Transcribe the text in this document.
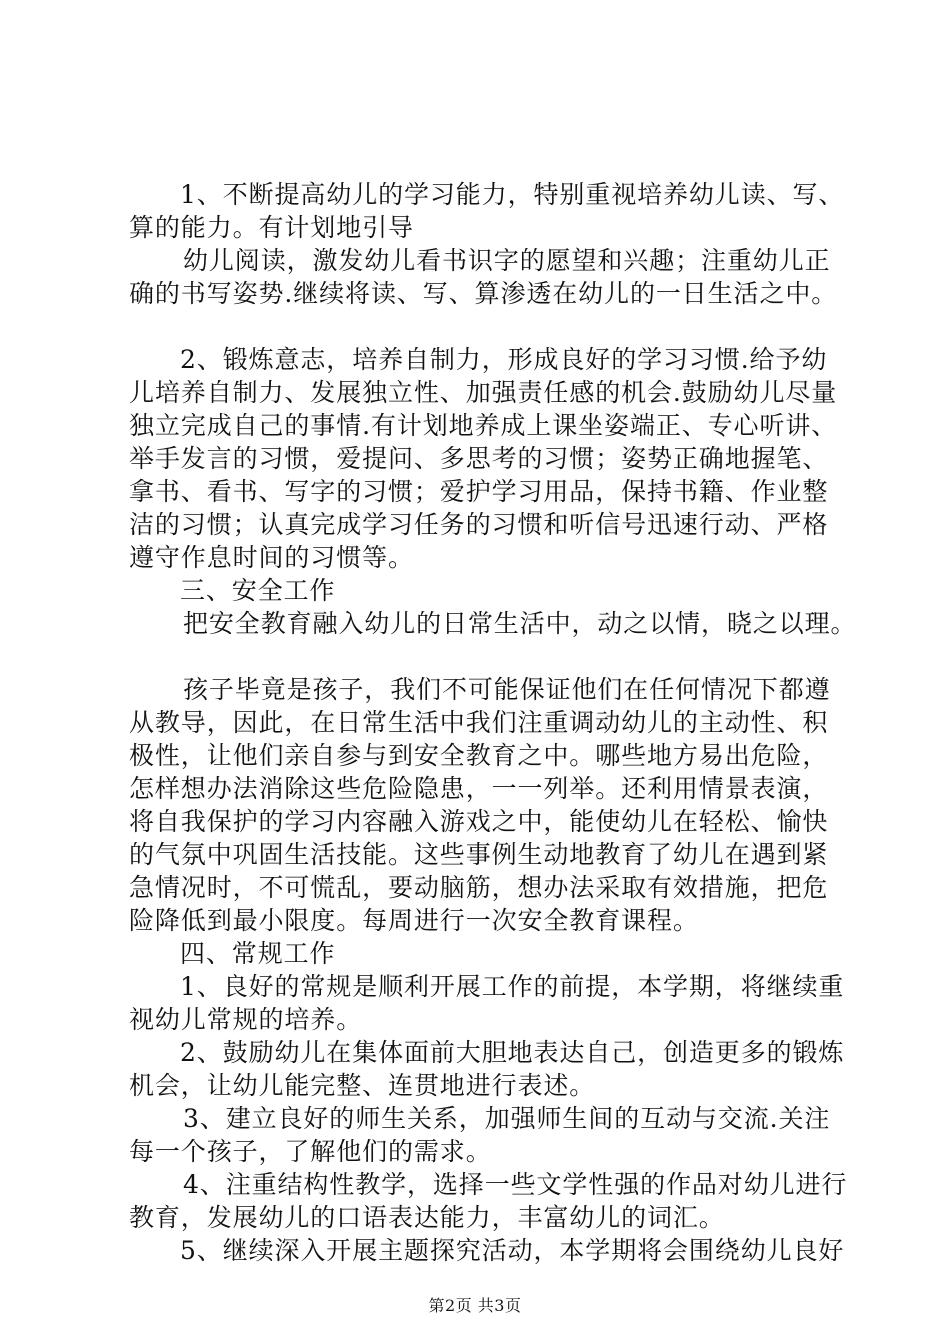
1、不断提高幼儿的学习能力，特别重视培养幼儿读、写、
算的能力。有计划地引导
幼儿阅读，激发幼儿看书识字的愿望和兴趣；注重幼儿正
确的书写姿势.继续将读、写、算渗透在幼儿的一日生活之中。
2、锻炼意志，培养自制力，形成良好的学习习惯.给予幼
儿培养自制力、发展独立性、加强责任感的机会.鼓励幼儿尽量
独立完成自己的事情.有计划地养成上课坐姿端正、专心听讲、
举手发言的习惯，爱提问、多思考的习惯；姿势正确地握笔、
拿书、看书、写字的习惯；爱护学习用品，保持书籍、作业整
洁的习惯；认真完成学习任务的习惯和听信号迅速行动、严格
遵守作息时间的习惯等。
三、安全工作
把安全教育融入幼儿的日常生活中，动之以情，晓之以理。
孩子毕竟是孩子，我们不可能保证他们在任何情况下都遵
从教导，因此，在日常生活中我们注重调动幼儿的主动性、积
极性，让他们亲自参与到安全教育之中。哪些地方易出危险，
怎样想办法消除这些危险隐患，一一列举。还利用情景表演，
将自我保护的学习内容融入游戏之中，能使幼儿在轻松、愉快
的气氛中巩固生活技能。这些事例生动地教育了幼儿在遇到紧
急情况时，不可慌乱，要动脑筋，想办法采取有效措施，把危
险降低到最小限度。每周进行一次安全教育课程。
四、常规工作
1、良好的常规是顺利开展工作的前提，本学期，将继续重
视幼儿常规的培养。
2、鼓励幼儿在集体面前大胆地表达自己，创造更多的锻炼
机会，让幼儿能完整、连贯地进行表述。
3、建立良好的师生关系，加强师生间的互动与交流.关注
每一个孩子，了解他们的需求。
4、注重结构性教学，选择一些文学性强的作品对幼儿进行
教育，发展幼儿的口语表达能力，丰富幼儿的词汇。
5、继续深入开展主题探究活动，本学期将会围绕幼儿良好
第2页 共3页
